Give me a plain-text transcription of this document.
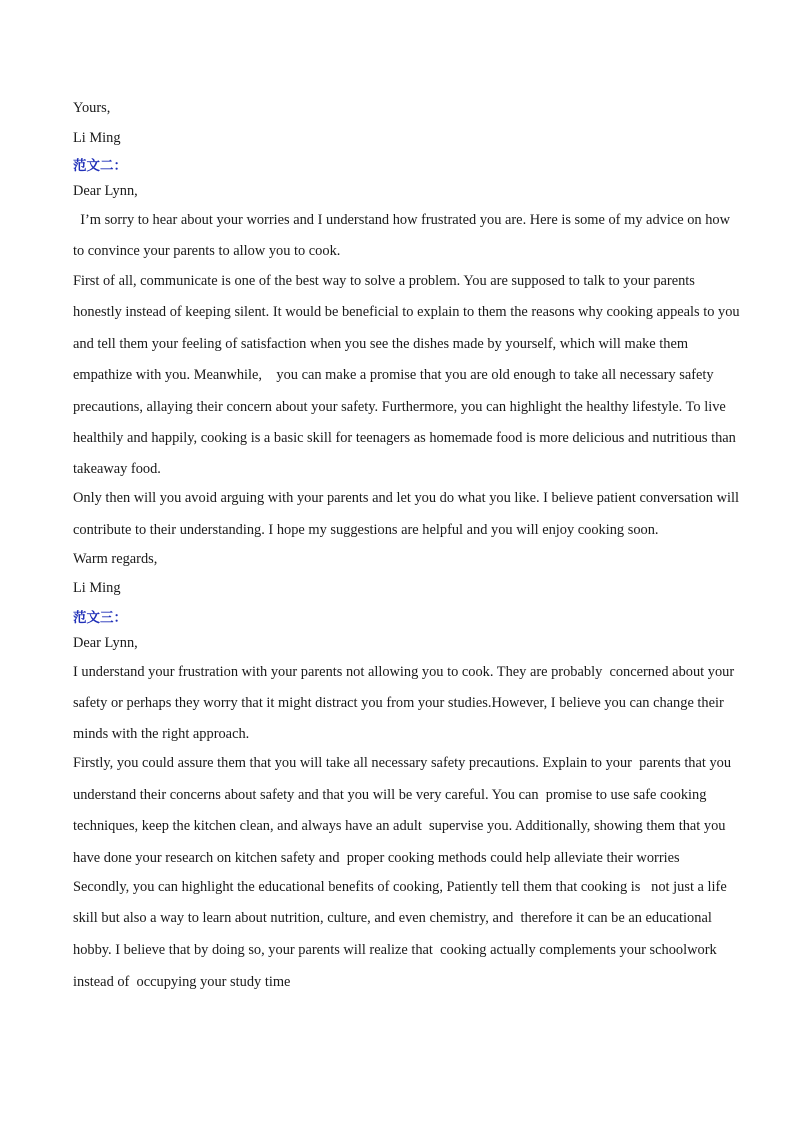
Yours,

Li Ming

范文二：

Dear Lynn,

I’m sorry to hear about your worries and I understand how frustrated you are. Here is some of my advice on how

to convince your parents to allow you to cook.

First of all, communicate is one of the best way to solve a problem. You are supposed to talk to your parents

honestly instead of keeping silent. It would be beneficial to explain to them the reasons why cooking appeals to you

and tell them your feeling of satisfaction when you see the dishes made by yourself, which will make them

empathize with you. Meanwhile,    you can make a promise that you are old enough to take all necessary safety

precautions, allaying their concern about your safety. Furthermore, you can highlight the healthy lifestyle. To live

healthily and happily, cooking is a basic skill for teenagers as homemade food is more delicious and nutritious than

takeaway food.

Only then will you avoid arguing with your parents and let you do what you like. I believe patient conversation will

contribute to their understanding. I hope my suggestions are helpful and you will enjoy cooking soon.

Warm regards,

Li Ming

范文三：

Dear Lynn,

I understand your frustration with your parents not allowing you to cook. They are probably  concerned about your

safety or perhaps they worry that it might distract you from your studies.However, I believe you can change their

minds with the right approach.

Firstly, you could assure them that you will take all necessary safety precautions. Explain to your  parents that you

understand their concerns about safety and that you will be very careful. You can  promise to use safe cooking

techniques, keep the kitchen clean, and always have an adult  supervise you. Additionally, showing them that you

have done your research on kitchen safety and  proper cooking methods could help alleviate their worries

Secondly, you can highlight the educational benefits of cooking, Patiently tell them that cooking is   not just a life

skill but also a way to learn about nutrition, culture, and even chemistry, and  therefore it can be an educational

hobby. I believe that by doing so, your parents will realize that  cooking actually complements your schoolwork

instead of  occupying your study time
